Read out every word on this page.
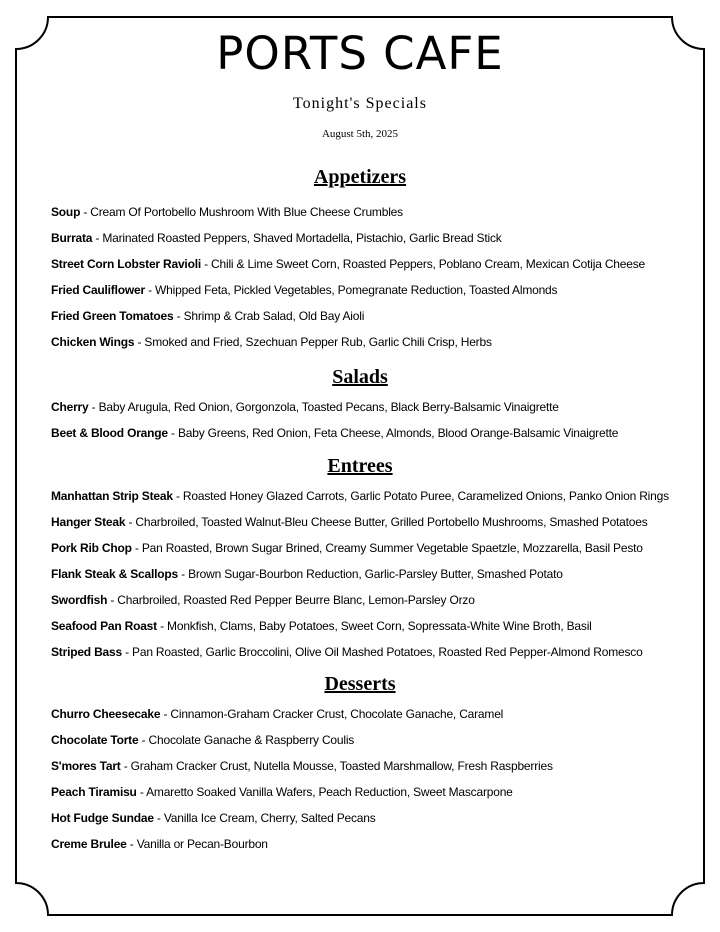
PORTS CAFE
Tonight's Specials
August 5th, 2025
Appetizers
Soup - Cream Of Portobello Mushroom With Blue Cheese Crumbles
Burrata - Marinated Roasted Peppers, Shaved Mortadella, Pistachio, Garlic Bread Stick
Street Corn Lobster Ravioli - Chili & Lime Sweet Corn, Roasted Peppers, Poblano Cream, Mexican Cotija Cheese
Fried Cauliflower - Whipped Feta, Pickled Vegetables, Pomegranate Reduction, Toasted Almonds
Fried Green Tomatoes - Shrimp & Crab Salad, Old Bay Aioli
Chicken Wings - Smoked and Fried, Szechuan Pepper Rub, Garlic Chili Crisp, Herbs
Salads
Cherry - Baby Arugula, Red Onion, Gorgonzola, Toasted Pecans, Black Berry-Balsamic Vinaigrette
Beet & Blood Orange - Baby Greens, Red Onion, Feta Cheese, Almonds, Blood Orange-Balsamic Vinaigrette
Entrees
Manhattan Strip Steak - Roasted Honey Glazed Carrots, Garlic Potato Puree, Caramelized Onions, Panko Onion Rings
Hanger Steak - Charbroiled, Toasted Walnut-Bleu Cheese Butter, Grilled Portobello Mushrooms, Smashed Potatoes
Pork Rib Chop - Pan Roasted, Brown Sugar Brined, Creamy Summer Vegetable Spaetzle, Mozzarella, Basil Pesto
Flank Steak & Scallops - Brown Sugar-Bourbon Reduction, Garlic-Parsley Butter, Smashed Potato
Swordfish - Charbroiled, Roasted Red Pepper Beurre Blanc, Lemon-Parsley Orzo
Seafood Pan Roast - Monkfish, Clams, Baby Potatoes, Sweet Corn, Sopressata-White Wine Broth, Basil
Striped Bass - Pan Roasted, Garlic Broccolini, Olive Oil Mashed Potatoes, Roasted Red Pepper-Almond Romesco
Desserts
Churro Cheesecake - Cinnamon-Graham Cracker Crust, Chocolate Ganache, Caramel
Chocolate Torte - Chocolate Ganache & Raspberry Coulis
S'mores Tart - Graham Cracker Crust, Nutella Mousse, Toasted Marshmallow, Fresh Raspberries
Peach Tiramisu - Amaretto Soaked Vanilla Wafers, Peach Reduction, Sweet Mascarpone
Hot Fudge Sundae - Vanilla Ice Cream, Cherry, Salted Pecans
Creme Brulee - Vanilla or Pecan-Bourbon
